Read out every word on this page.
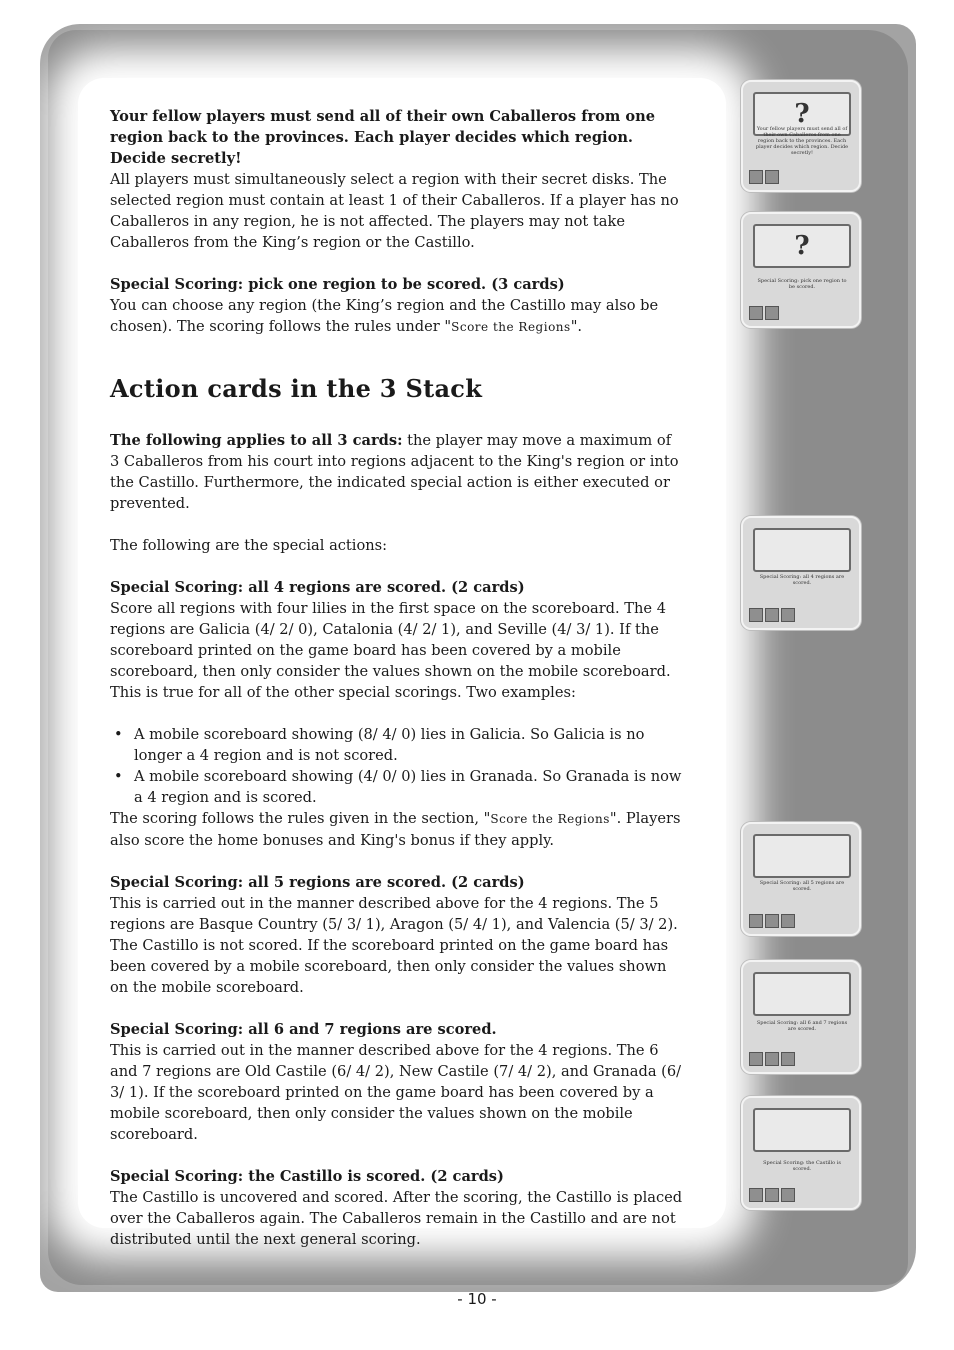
Your fellow players must send all of their own Caballeros from one region back to the provinces. Each player decides which region. Decide secretly!
All players must simultaneously select a region with their secret disks. The selected region must contain at least 1 of their Caballeros. If a player has no Caballeros in any region, he is not affected. The players may not take Caballeros from the King’s region or the Castillo.

Special Scoring: pick one region to be scored. (3 cards)
You can choose any region (the King’s region and the Castillo may also be chosen). The scoring follows the rules under "Score the Regions".

Action cards in the 3 Stack

The following applies to all 3 cards: the player may move a maximum of 3 Caballeros from his court into regions adjacent to the King's region or into the Castillo. Furthermore, the indicated special action is either executed or prevented.

The following are the special actions:

Special Scoring: all 4 regions are scored. (2 cards)
Score all regions with four lilies in the first space on the scoreboard. The 4 regions are Galicia (4/ 2/ 0), Catalonia (4/ 2/ 1), and Seville (4/ 3/ 1). If the scoreboard printed on the game board has been covered by a mobile scoreboard, then only consider the values shown on the mobile scoreboard. This is true for all of the other special scorings. Two examples:

• A mobile scoreboard showing (8/ 4/ 0) lies in Galicia. So Galicia is no longer a 4 region and is not scored.
• A mobile scoreboard showing (4/ 0/ 0) lies in Granada. So Granada is now a 4 region and is scored.
The scoring follows the rules given in the section, "Score the Regions". Players also score the home bonuses and King's bonus if they apply.

Special Scoring: all 5 regions are scored. (2 cards)
This is carried out in the manner described above for the 4 regions. The 5 regions are Basque Country (5/ 3/ 1), Aragon (5/ 4/ 1), and Valencia (5/ 3/ 2). The Castillo is not scored. If the scoreboard printed on the game board has been covered by a mobile scoreboard, then only consider the values shown on the mobile scoreboard.

Special Scoring: all 6 and 7 regions are scored.
This is carried out in the manner described above for the 4 regions. The 6 and 7 regions are Old Castile (6/ 4/ 2), New Castile (7/ 4/ 2), and Granada (6/ 3/ 1). If the scoreboard printed on the game board has been covered by a mobile scoreboard, then only consider the values shown on the mobile scoreboard.

Special Scoring: the Castillo is scored. (2 cards)
The Castillo is uncovered and scored. After the scoring, the Castillo is placed over the Caballeros again. The Caballeros remain in the Castillo and are not distributed until the next general scoring.

?
Your fellow players must send all of their own Caballeros from one region back to the provinces. Each player decides which region. Decide secretly!
?
Special Scoring: pick one region to be scored.
Special Scoring: all 4 regions are scored.
Special Scoring: all 5 regions are scored.
Special Scoring: all 6 and 7 regions are scored.
Special Scoring: the Castillo is scored.
- 10 -
